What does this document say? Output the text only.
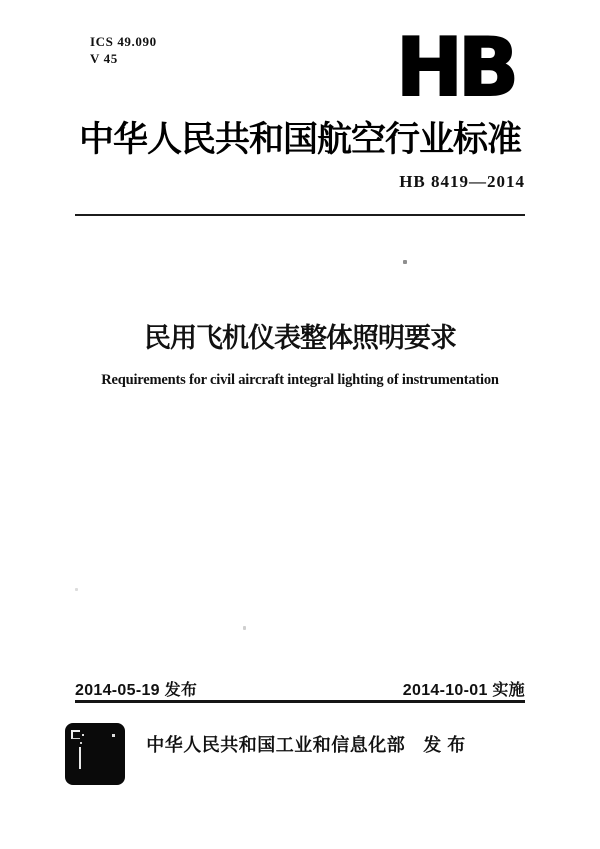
ICS 49.090
V 45	HB
中华人民共和国航空行业标准
HB 8419—2014
民用飞机仪表整体照明要求
Requirements for civil aircraft integral lighting of instrumentation
2014-05-19 发布	2014-10-01 实施
中华人民共和国工业和信息化部 发 布
